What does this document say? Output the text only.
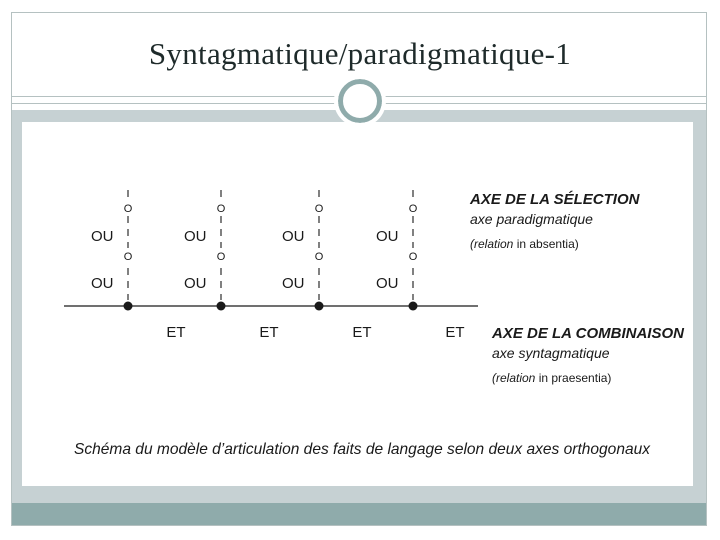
Syntagmatique/paradigmatique-1
O
O
O
O
O
O
O
O
OU
OU
OU
OU
OU
OU
OU
OU
ET	ET	ET	ET
AXE DE LA SÉLECTION
axe paradigmatique
(relation in absentia)
AXE DE LA COMBINAISON
axe syntagmatique
(relation in praesentia)
Schéma du modèle d’articulation des faits de langage selon deux axes orthogonaux
